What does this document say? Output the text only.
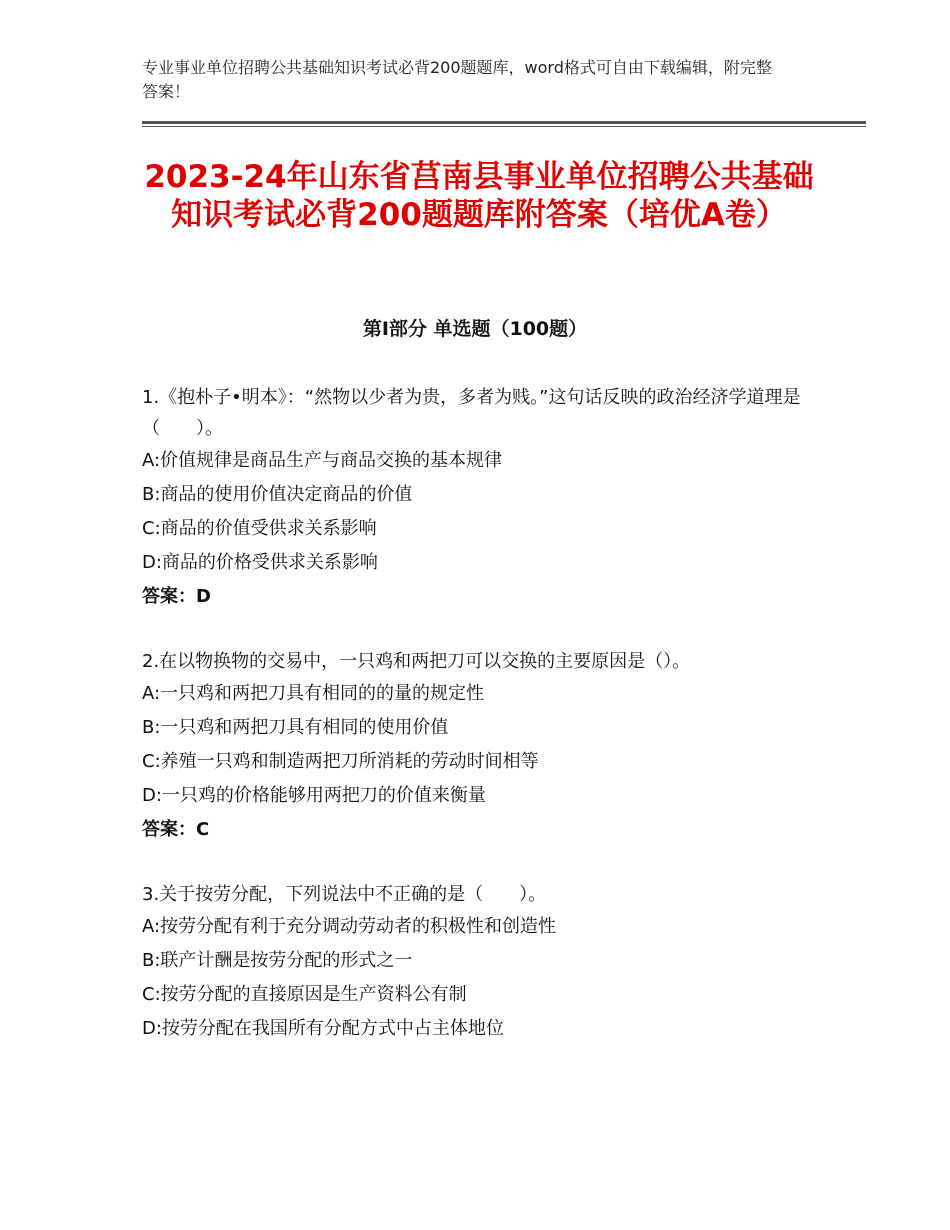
专业事业单位招聘公共基础知识考试必背200题题库，word格式可自由下载编辑，附完整答案！
2023-24年山东省莒南县事业单位招聘公共基础知识考试必背200题题库附答案（培优A卷）
第Ⅰ部分 单选题（100题）
1.《抱朴子•明本》：“然物以少者为贵，多者为贱。”这句话反映的政治经济学道理是（　　）。
A:价值规律是商品生产与商品交换的基本规律
B:商品的使用价值决定商品的价值
C:商品的价值受供求关系影响
D:商品的价格受供求关系影响
答案：D
2.在以物换物的交易中，一只鸡和两把刀可以交换的主要原因是（）。
A:一只鸡和两把刀具有相同的的量的规定性
B:一只鸡和两把刀具有相同的使用价值
C:养殖一只鸡和制造两把刀所消耗的劳动时间相等
D:一只鸡的价格能够用两把刀的价值来衡量
答案：C
3.关于按劳分配，下列说法中不正确的是（　　）。
A:按劳分配有利于充分调动劳动者的积极性和创造性
B:联产计酬是按劳分配的形式之一
C:按劳分配的直接原因是生产资料公有制
D:按劳分配在我国所有分配方式中占主体地位
